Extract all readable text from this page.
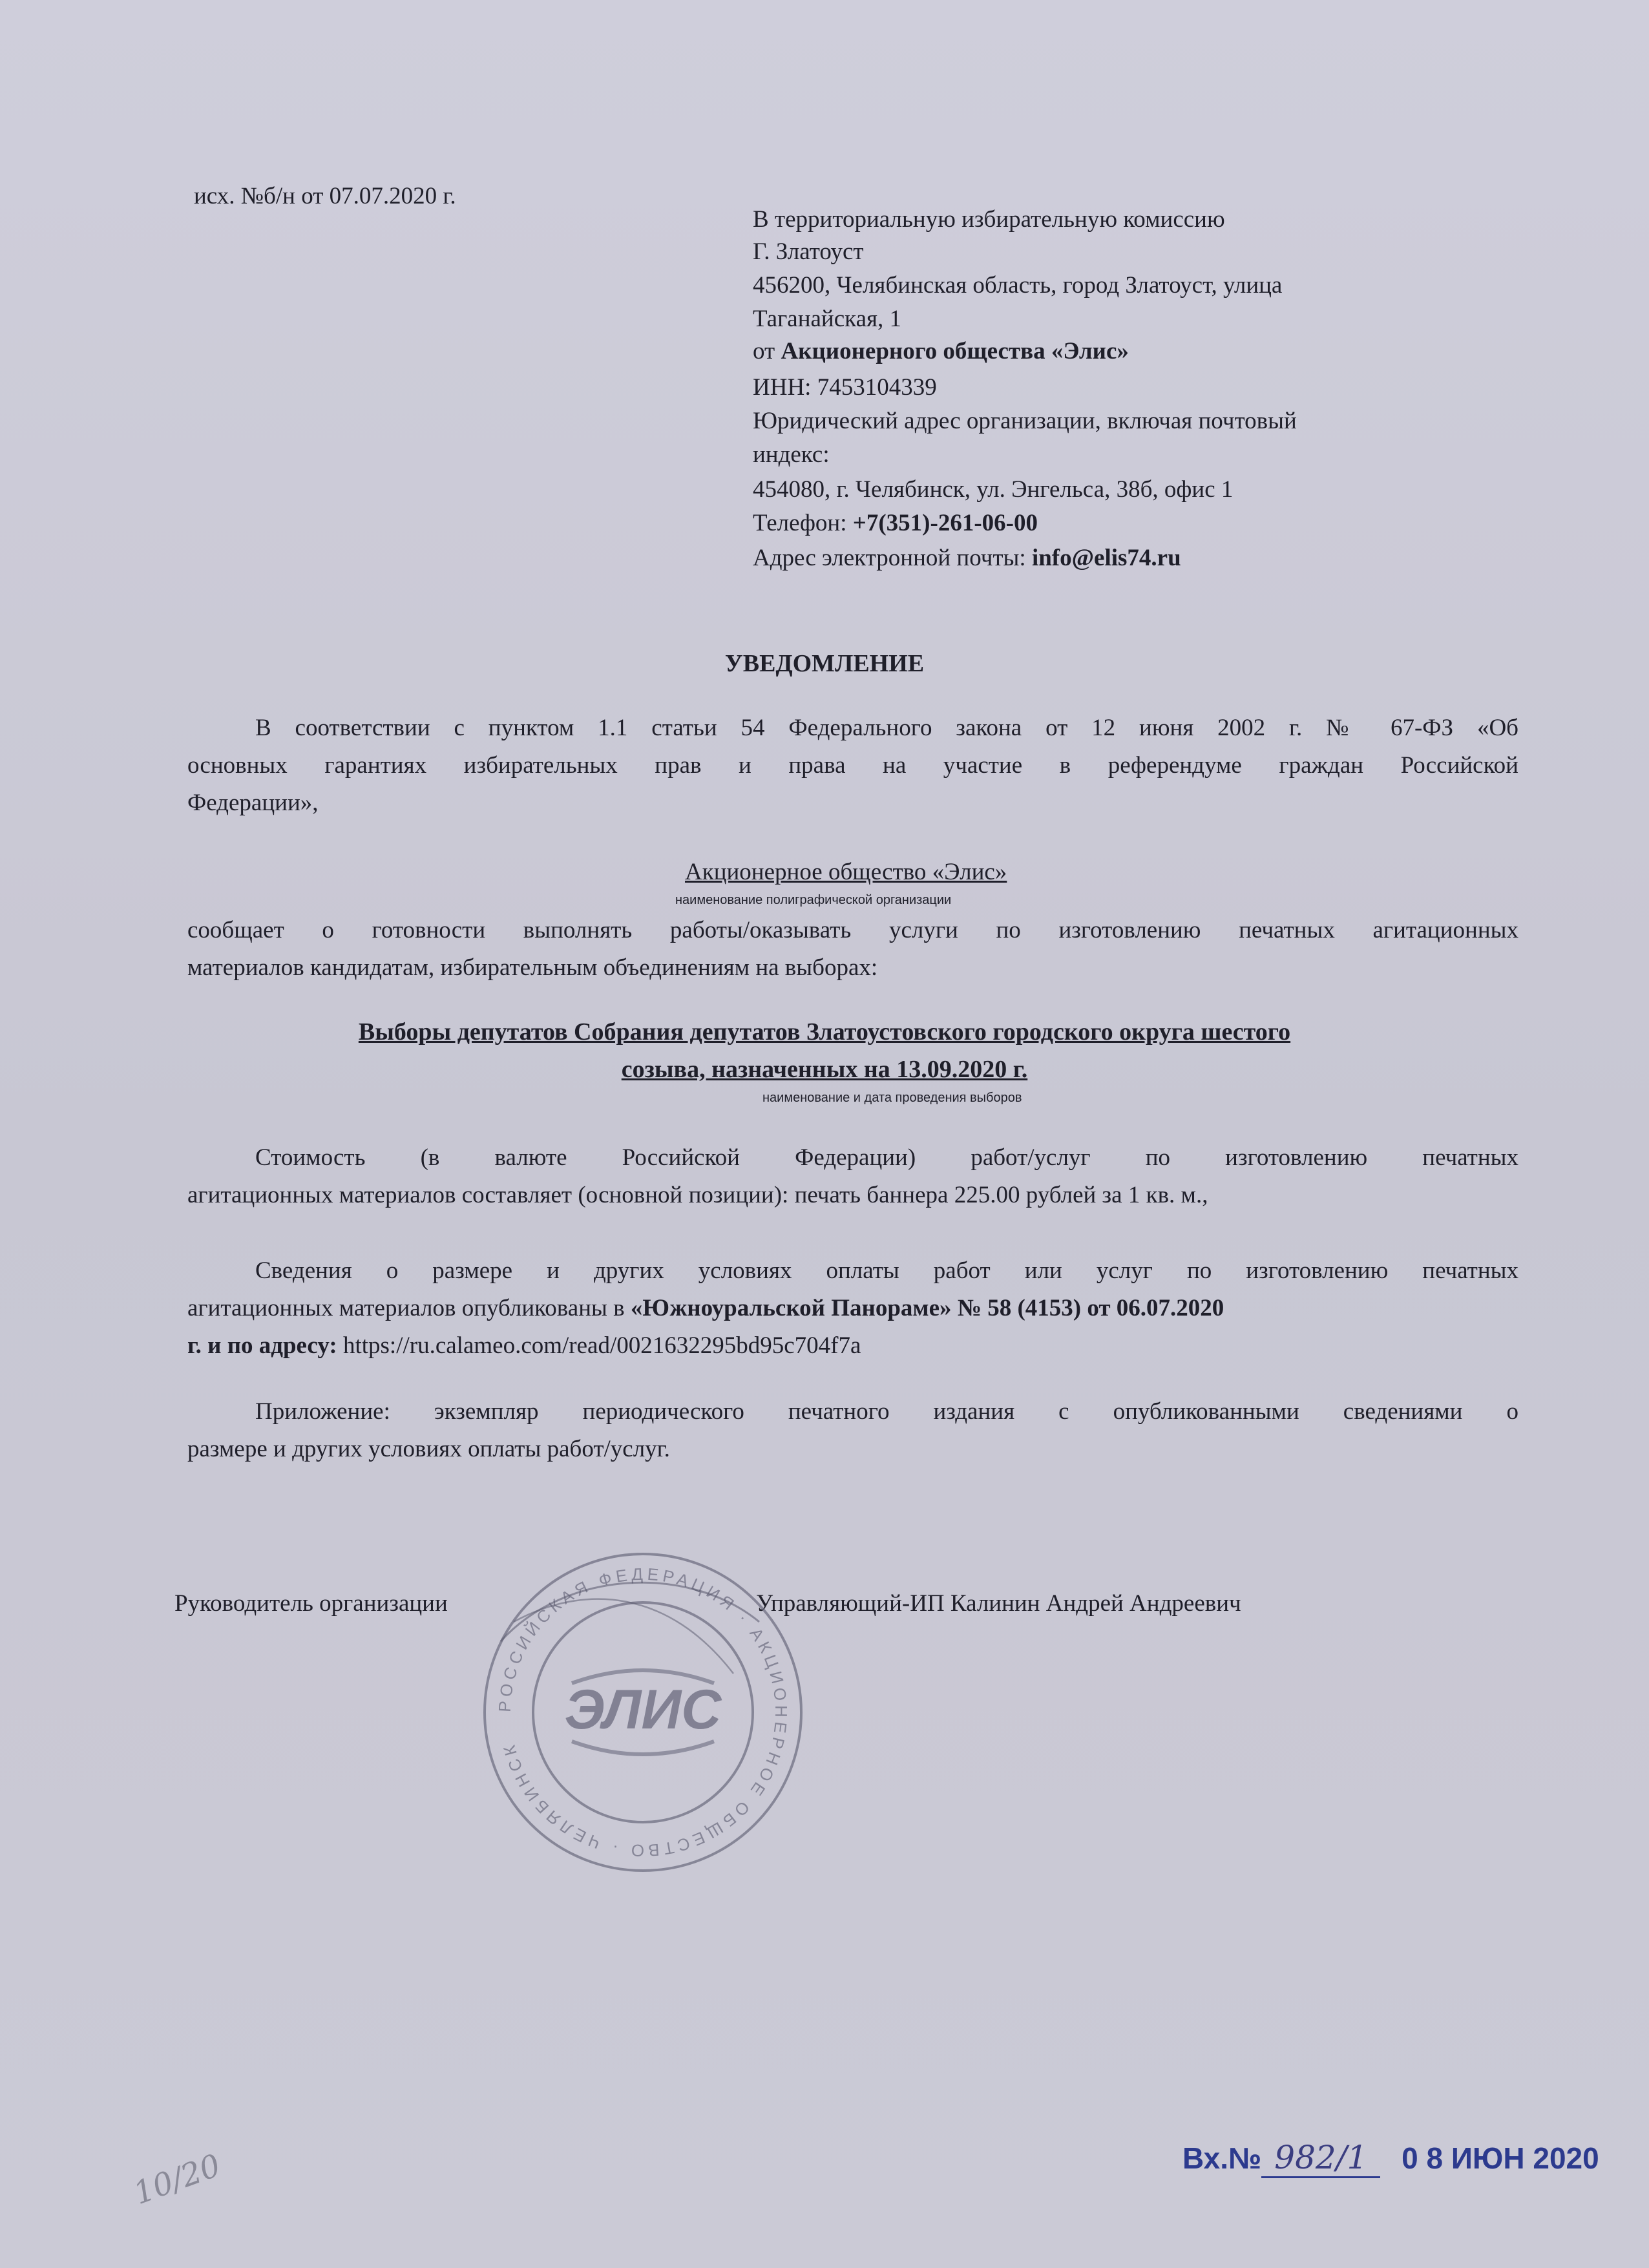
исх. №б/н от 07.07.2020 г.
В территориальную избирательную комиссию
Г. Златоуст
456200, Челябинская область, город Златоуст, улица
Таганайская, 1
от Акционерного общества «Элис»
ИНН: 7453104339
Юридический адрес организации, включая почтовый
индекс:
454080, г. Челябинск, ул. Энгельса, 38б, офис 1
Телефон: +7(351)-261-06-00
Адрес электронной почты: info@elis74.ru
УВЕДОМЛЕНИЕ
В соответствии с пунктом 1.1 статьи 54 Федерального закона от 12 июня 2002 г. № 67-ФЗ «Об
основных гарантиях избирательных прав и права на участие в референдуме граждан Российской
Федерации»,
Акционерное общество «Элис»
наименование полиграфической организации
сообщает о готовности выполнять работы/оказывать услуги по изготовлению печатных агитационных
материалов кандидатам, избирательным объединениям на выборах:
Выборы депутатов Собрания депутатов Златоустовского городского округа шестого
созыва, назначенных на 13.09.2020 г.
наименование и дата проведения выборов
Стоимость (в валюте Российской Федерации) работ/услуг по изготовлению печатных
агитационных материалов составляет (основной позиции): печать баннера 225.00 рублей за 1 кв. м.,
Сведения о размере и других условиях оплаты работ или услуг по изготовлению печатных
агитационных материалов опубликованы в «Южноуральской Панораме» № 58 (4153) от 06.07.2020
г. и по адресу: https://ru.calameo.com/read/0021632295bd95c704f7a
Приложение: экземпляр периодического печатного издания с опубликованными сведениями о
размере и других условиях оплаты работ/услуг.
Руководитель организации	Управляющий-ИП Калинин Андрей Андреевич
РОССИЙСКАЯ ФЕДЕРАЦИЯ · АКЦИОНЕРНОЕ ОБЩЕСТВО · ЧЕЛЯБИНСК
ЭЛИС
Вх.№ 982/1 0 8 ИЮН 2020
10/20
